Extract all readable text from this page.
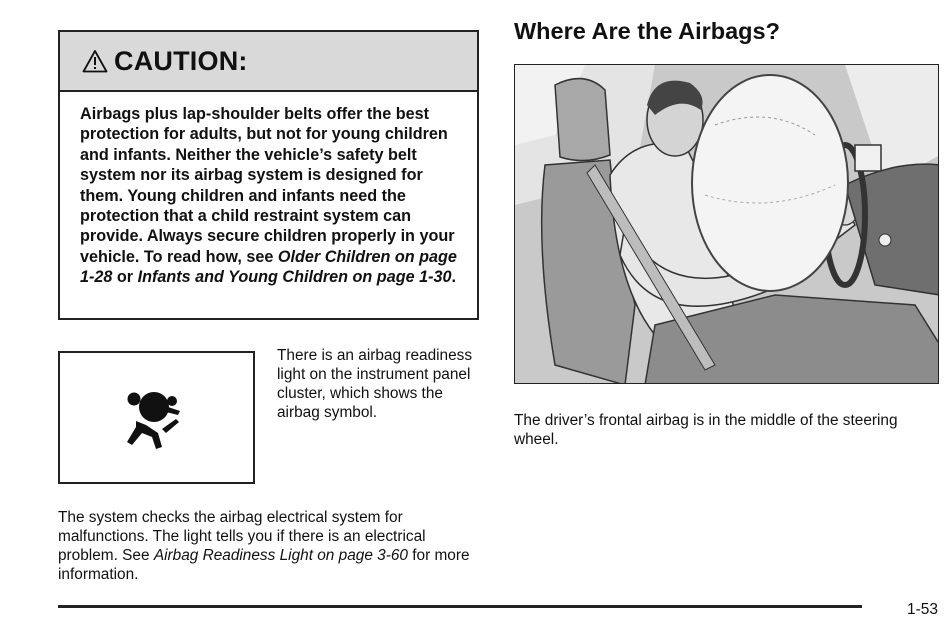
CAUTION:
Airbags plus lap-shoulder belts offer the best protection for adults, but not for young children and infants. Neither the vehicle’s safety belt system nor its airbag system is designed for them. Young children and infants need the protection that a child restraint system can provide. Always secure children properly in your vehicle. To read how, see Older Children on page 1-28 or Infants and Young Children on page 1-30.
There is an airbag readiness light on the instrument panel cluster, which shows the airbag symbol.
The system checks the airbag electrical system for malfunctions. The light tells you if there is an electrical problem. See Airbag Readiness Light on page 3-60 for more information.
Where Are the Airbags?
The driver’s frontal airbag is in the middle of the steering wheel.
1-53
